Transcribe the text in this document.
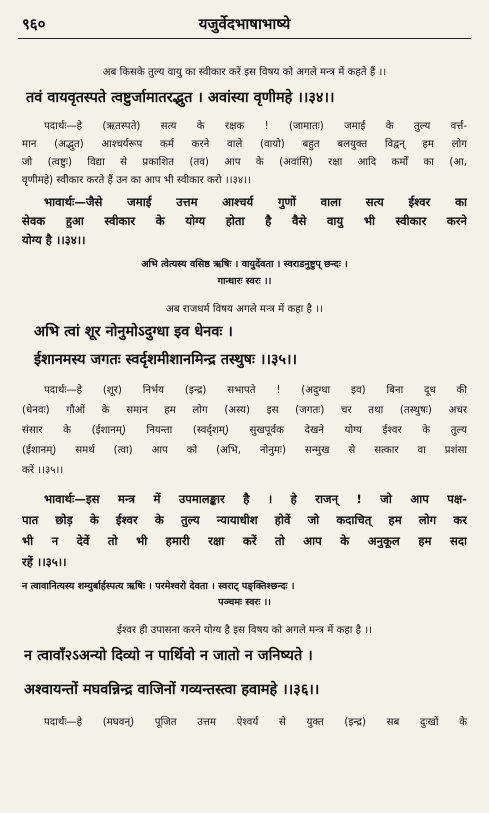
९६०	यजुर्वेदभाषाभाष्ये
अब किसके तुल्य वायु का स्वीकार करें इस विषय को अगले मन्त्र में कहते हैं ।।
तवं वायवृतस्पते त्वष्टुर्जामातरद्भुत । अवांस्या वृणीमहे ।।३४।।
पदार्थः—हे (ऋतस्पते) सत्य के रक्षक ! (जामातः) जमाई के तुल्य वर्त्त-
मान (अद्भुत) आश्चर्यरूप कर्म करने वाले (वायो) बहुत बलयुक्त विद्वन् हम लोग
जो (त्वष्टुः) विद्या से प्रकाशित (तव) आप के (अवांसि) रक्षा आदि कर्मों का (आ,
वृणीमहे) स्वीकार करते हैं उन का आप भी स्वीकार करो ।।३४।।
भावार्थः—जैसे जमाई उत्तम आश्चर्य गुणों वाला सत्य ईश्वर का
सेवक हुआ स्वीकार के योग्य होता है वैसे वायु भी स्वीकार करने
योग्य है ।।३४।।
अभि त्वेत्यस्य वसिष्ठ ऋषिः । वायुर्देवता । स्वराडनुष्टुप् छन्दः ।
गान्धारः स्वरः ।।
अब राजधर्म विषय अगले मन्त्र में कहा है ।।
अभि त्वां शूर नोनुमोऽदुग्धा इव धेनवः ।
ईशानमस्य जगतः स्वर्दृशमीशानमिन्द्र तस्थुषः ।।३५।।
पदार्थः—हे (शूर) निर्भय (इन्द्र) सभापते ! (अदुग्धा इव) बिना दूध की
(धेनवः) गौओं के समान हम लोग (अस्य) इस (जगतः) चर तथा (तस्थुषः) अचर
संसार के (ईशानम्) नियन्ता (स्वर्दृशम्) सुखपूर्वक देखने योग्य ईश्वर के तुल्य
(ईशानम्) समर्थ (त्वा) आप को (अभि, नोनुमः) सन्मुख से सत्कार वा प्रशंसा
करें ।।३५।।
भावार्थः—इस मन्त्र में उपमालङ्कार है । हे राजन् ! जो आप पक्ष-
पात छोड़ के ईश्वर के तुल्य न्यायाधीश होवें जो कदाचित् हम लोग कर
भी न देवें तो भी हमारी रक्षा करें तो आप के अनुकूल हम सदा
रहें ।।३५।।
न त्वावानित्यस्य शम्युर्बार्हस्पत्य ऋषिः । परमेश्वरो देवता । स्वराट् पङ्क्तिश्छन्दः ।
पञ्चमः स्वरः ।।
ईश्वर ही उपासना करने योग्य है इस विषय को अगले मन्त्र में कहा है ।।
न त्वावाँ२ऽअन्यो दिव्यो न पार्थिवो न जातो न जनिष्यते ।
अश्वायन्तों मघवन्निन्द्र वाजिनों गव्यन्तस्त्वा हवामहे ।।३६।।
पदार्थः—हे (मघवन्) पूजित उत्तम ऐश्वर्य से युक्त (इन्द्र) सब दुःखों के
